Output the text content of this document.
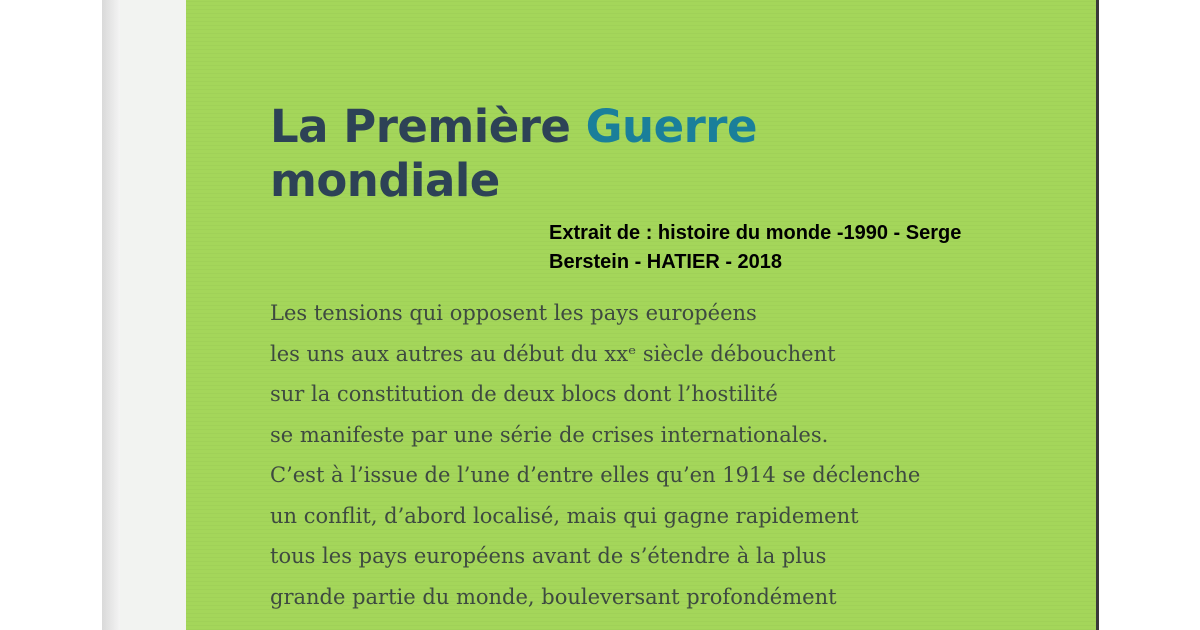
La Première Guerre
mondiale
Extrait de : histoire du monde -1990 - Serge
Berstein - HATIER - 2018
Les tensions qui opposent les pays européens
les uns aux autres au début du xxᵉ siècle débouchent
sur la constitution de deux blocs dont l’hostilité
se manifeste par une série de crises internationales.
C’est à l’issue de l’une d’entre elles qu’en 1914 se déclenche
un conflit, d’abord localisé, mais qui gagne rapidement
tous les pays européens avant de s’étendre à la plus
grande partie du monde, bouleversant profondément
